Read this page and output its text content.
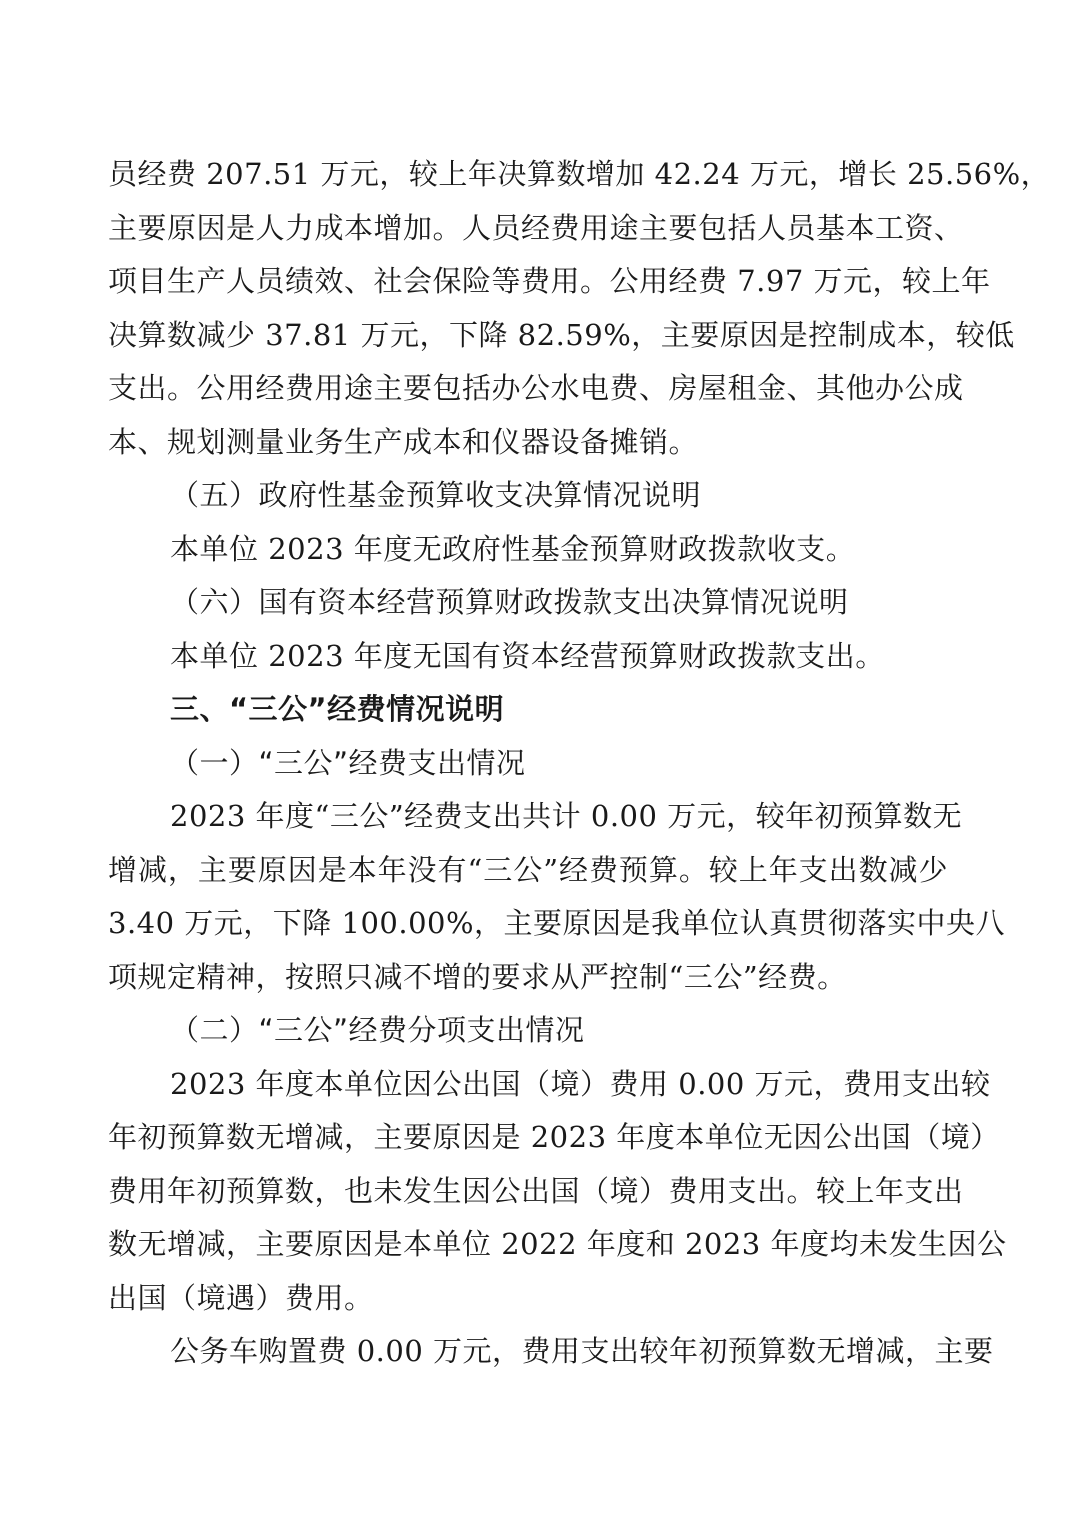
员经费 207.51 万元，较上年决算数增加 42.24 万元，增长 25.56%，
主要原因是人力成本增加。人员经费用途主要包括人员基本工资、
项目生产人员绩效、社会保险等费用。公用经费 7.97 万元，较上年
决算数减少 37.81 万元，下降 82.59%，主要原因是控制成本，较低
支出。公用经费用途主要包括办公水电费、房屋租金、其他办公成
本、规划测量业务生产成本和仪器设备摊销。
（五）政府性基金预算收支决算情况说明
本单位 2023 年度无政府性基金预算财政拨款收支。
（六）国有资本经营预算财政拨款支出决算情况说明
本单位 2023 年度无国有资本经营预算财政拨款支出。
三、“三公”经费情况说明
（一）“三公”经费支出情况
2023 年度“三公”经费支出共计 0.00 万元，较年初预算数无
增减，主要原因是本年没有“三公”经费预算。较上年支出数减少
3.40 万元，下降 100.00%，主要原因是我单位认真贯彻落实中央八
项规定精神，按照只减不增的要求从严控制“三公”经费。
（二）“三公”经费分项支出情况
2023 年度本单位因公出国（境）费用 0.00 万元，费用支出较
年初预算数无增减，主要原因是 2023 年度本单位无因公出国（境）
费用年初预算数，也未发生因公出国（境）费用支出。较上年支出
数无增减，主要原因是本单位 2022 年度和 2023 年度均未发生因公
出国（境遇）费用。
公务车购置费 0.00 万元，费用支出较年初预算数无增减，主要
